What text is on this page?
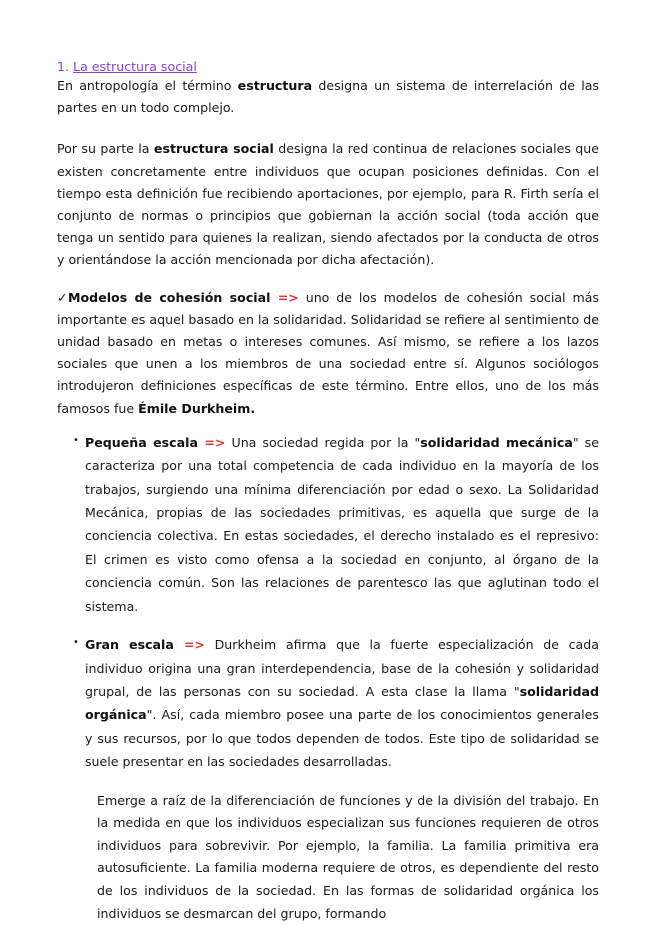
1. La estructura social

En antropología el término estructura designa un sistema de interrelación de las partes en un todo complejo.

Por su parte la estructura social designa la red continua de relaciones sociales que existen concretamente entre individuos que ocupan posiciones definidas. Con el tiempo esta definición fue recibiendo aportaciones, por ejemplo, para R. Firth sería el conjunto de normas o principios que gobiernan la acción social (toda acción que tenga un sentido para quienes la realizan, siendo afectados por la conducta de otros y orientándose la acción mencionada por dicha afectación).

✓Modelos de cohesión social => uno de los modelos de cohesión social más importante es aquel basado en la solidaridad. Solidaridad se refiere al sentimiento de unidad basado en metas o intereses comunes. Así mismo, se refiere a los lazos sociales que unen a los miembros de una sociedad entre sí. Algunos sociólogos introdujeron definiciones específicas de este término. Entre ellos, uno de los más famosos fue Émile Durkheim.

• Pequeña escala => Una sociedad regida por la "solidaridad mecánica" se caracteriza por una total competencia de cada individuo en la mayoría de los trabajos, surgiendo una mínima diferenciación por edad o sexo. La Solidaridad Mecánica, propias de las sociedades primitivas, es aquella que surge de la conciencia colectiva. En estas sociedades, el derecho instalado es el represivo: El crimen es visto como ofensa a la sociedad en conjunto, al órgano de la conciencia común. Son las relaciones de parentesco las que aglutinan todo el sistema.

• Gran escala => Durkheim afirma que la fuerte especialización de cada individuo origina una gran interdependencia, base de la cohesión y solidaridad grupal, de las personas con su sociedad. A esta clase la llama "solidaridad orgánica". Así, cada miembro posee una parte de los conocimientos generales y sus recursos, por lo que todos dependen de todos. Este tipo de solidaridad se suele presentar en las sociedades desarrolladas.

Emerge a raíz de la diferenciación de funciones y de la división del trabajo. En la medida en que los individuos especializan sus funciones requieren de otros individuos para sobrevivir. Por ejemplo, la familia. La familia primitiva era autosuficiente. La familia moderna requiere de otros, es dependiente del resto de los individuos de la sociedad. En las formas de solidaridad orgánica los individuos se desmarcan del grupo, formando
